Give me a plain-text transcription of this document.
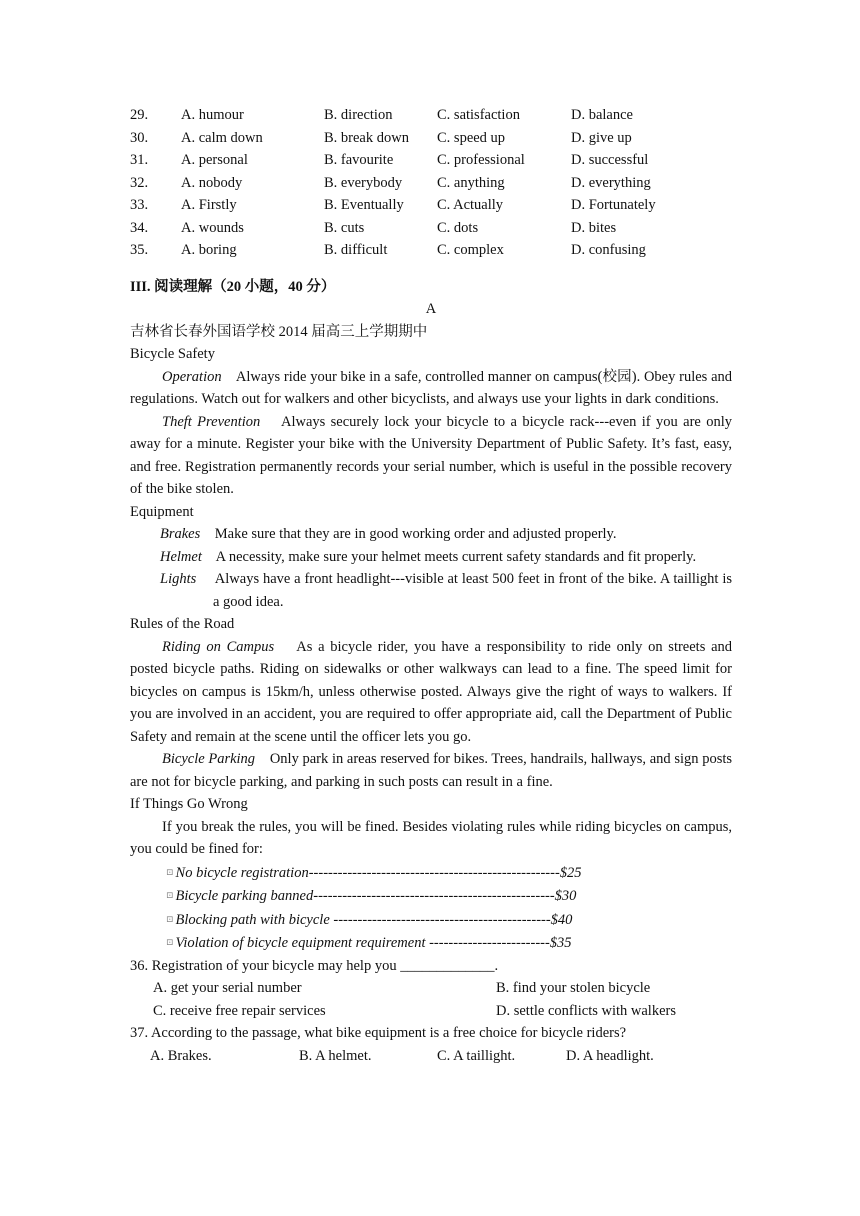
29. A. humour	B. direction	C. satisfaction	D. balance
30. A. calm down	B. break down C. speed up	D. give up
31. A. personal	B. favourite	C. professional	D. successful
32. A. nobody	B. everybody C. anything	D. everything
33. A. Firstly	B. Eventually C. Actually	D. Fortunately
34. A. wounds	B. cuts	C. dots	D. bites
35. A. boring	B. difficult	C. complex	D. confusing
III. 阅读理解（20 小题，40 分）
A
吉林省长春外国语学校 2014 届高三上学期期中
Bicycle Safety
Operation Always ride your bike in a safe, controlled manner on campus(校园). Obey rules and regulations. Watch out for walkers and other bicyclists, and always use your lights in dark conditions.
Theft Prevention Always securely lock your bicycle to a bicycle rack---even if you are only away for a minute. Register your bike with the University Department of Public Safety. It’s fast, easy, and free. Registration permanently records your serial number, which is useful in the possible recovery of the bike stolen.
Equipment
Brakes Make sure that they are in good working order and adjusted properly.
Helmet A necessity, make sure your helmet meets current safety standards and fit properly.
Lights Always have a front headlight---visible at least 500 feet in front of the bike. A taillight is a good idea.
Rules of the Road
Riding on Campus As a bicycle rider, you have a responsibility to ride only on streets and posted bicycle paths. Riding on sidewalks or other walkways can lead to a fine. The speed limit for bicycles on campus is 15km/h, unless otherwise posted. Always give the right of ways to walkers. If you are involved in an accident, you are required to offer appropriate aid, call the Department of Public Safety and remain at the scene until the officer lets you go.
Bicycle Parking Only park in areas reserved for bikes. Trees, handrails, hallways, and sign posts are not for bicycle parking, and parking in such posts can result in a fine.
If Things Go Wrong
If you break the rules, you will be fined. Besides violating rules while riding bicycles on campus, you could be fined for:
⊡ No bicycle registration----------------------------------------------------$25
⊡ Bicycle parking banned--------------------------------------------------$30
⊡ Blocking path with bicycle ---------------------------------------------$40
⊡ Violation of bicycle equipment requirement -------------------------$35
36. Registration of your bicycle may help you _____________.
A. get your serial number	B. find your stolen bicycle
C. receive free repair services	D. settle conflicts with walkers
37. According to the passage, what bike equipment is a free choice for bicycle riders?
A. Brakes.	B. A helmet.	C. A taillight.	D. A headlight.
